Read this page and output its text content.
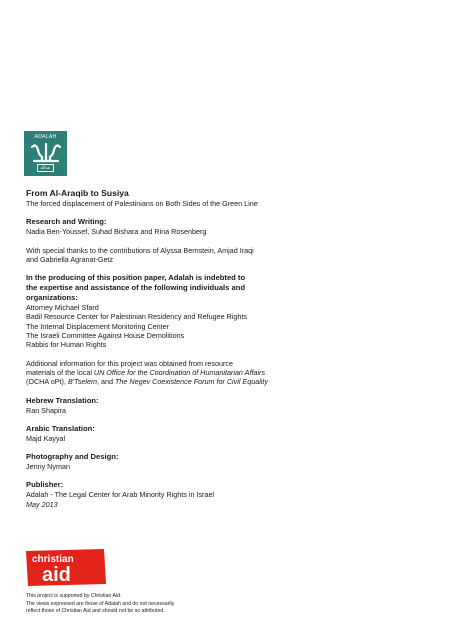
ADALAH
عدالة

From Al-Araqib to Susiya

The forced displacement of Palestinians on Both Sides of the Green Line

Research and Writing:

Nadia Ben-Youssef, Suhad Bishara and Rina Rosenberg

With special thanks to the contributions of Alyssa Bernstein, Amjad Iraqi

and Gabriella Agranat-Getz

In the producing of this position paper, Adalah is indebted to

the expertise and assistance of the following individuals and

organizations:

Attorney Michael Sfard

Badil Resource Center for Palestinian Residency and Refugee Rights

The Internal Displacement Monitoring Center

The Israeli Committee Against House Demolitions

Rabbis for Human Rights

Additional information for this project was obtained from resource

materials of the local UN Office for the Coordination of Humanitarian Affairs

(OCHA oPt), B'Tselem, and The Negev Coexistence Forum for Civil Equality

Hebrew Translation:

Ran Shapira

Arabic Translation:

Majd Kayyal

Photography and Design:

Jenny Nyman

Publisher:

Adalah - The Legal Center for Arab Minority Rights in Israel

May 2013

christian
aid

This project is supported by Christian Aid.

The views expressed are those of Adalah and do not necessarily

reflect those of Christian Aid and should not be so attributed.
